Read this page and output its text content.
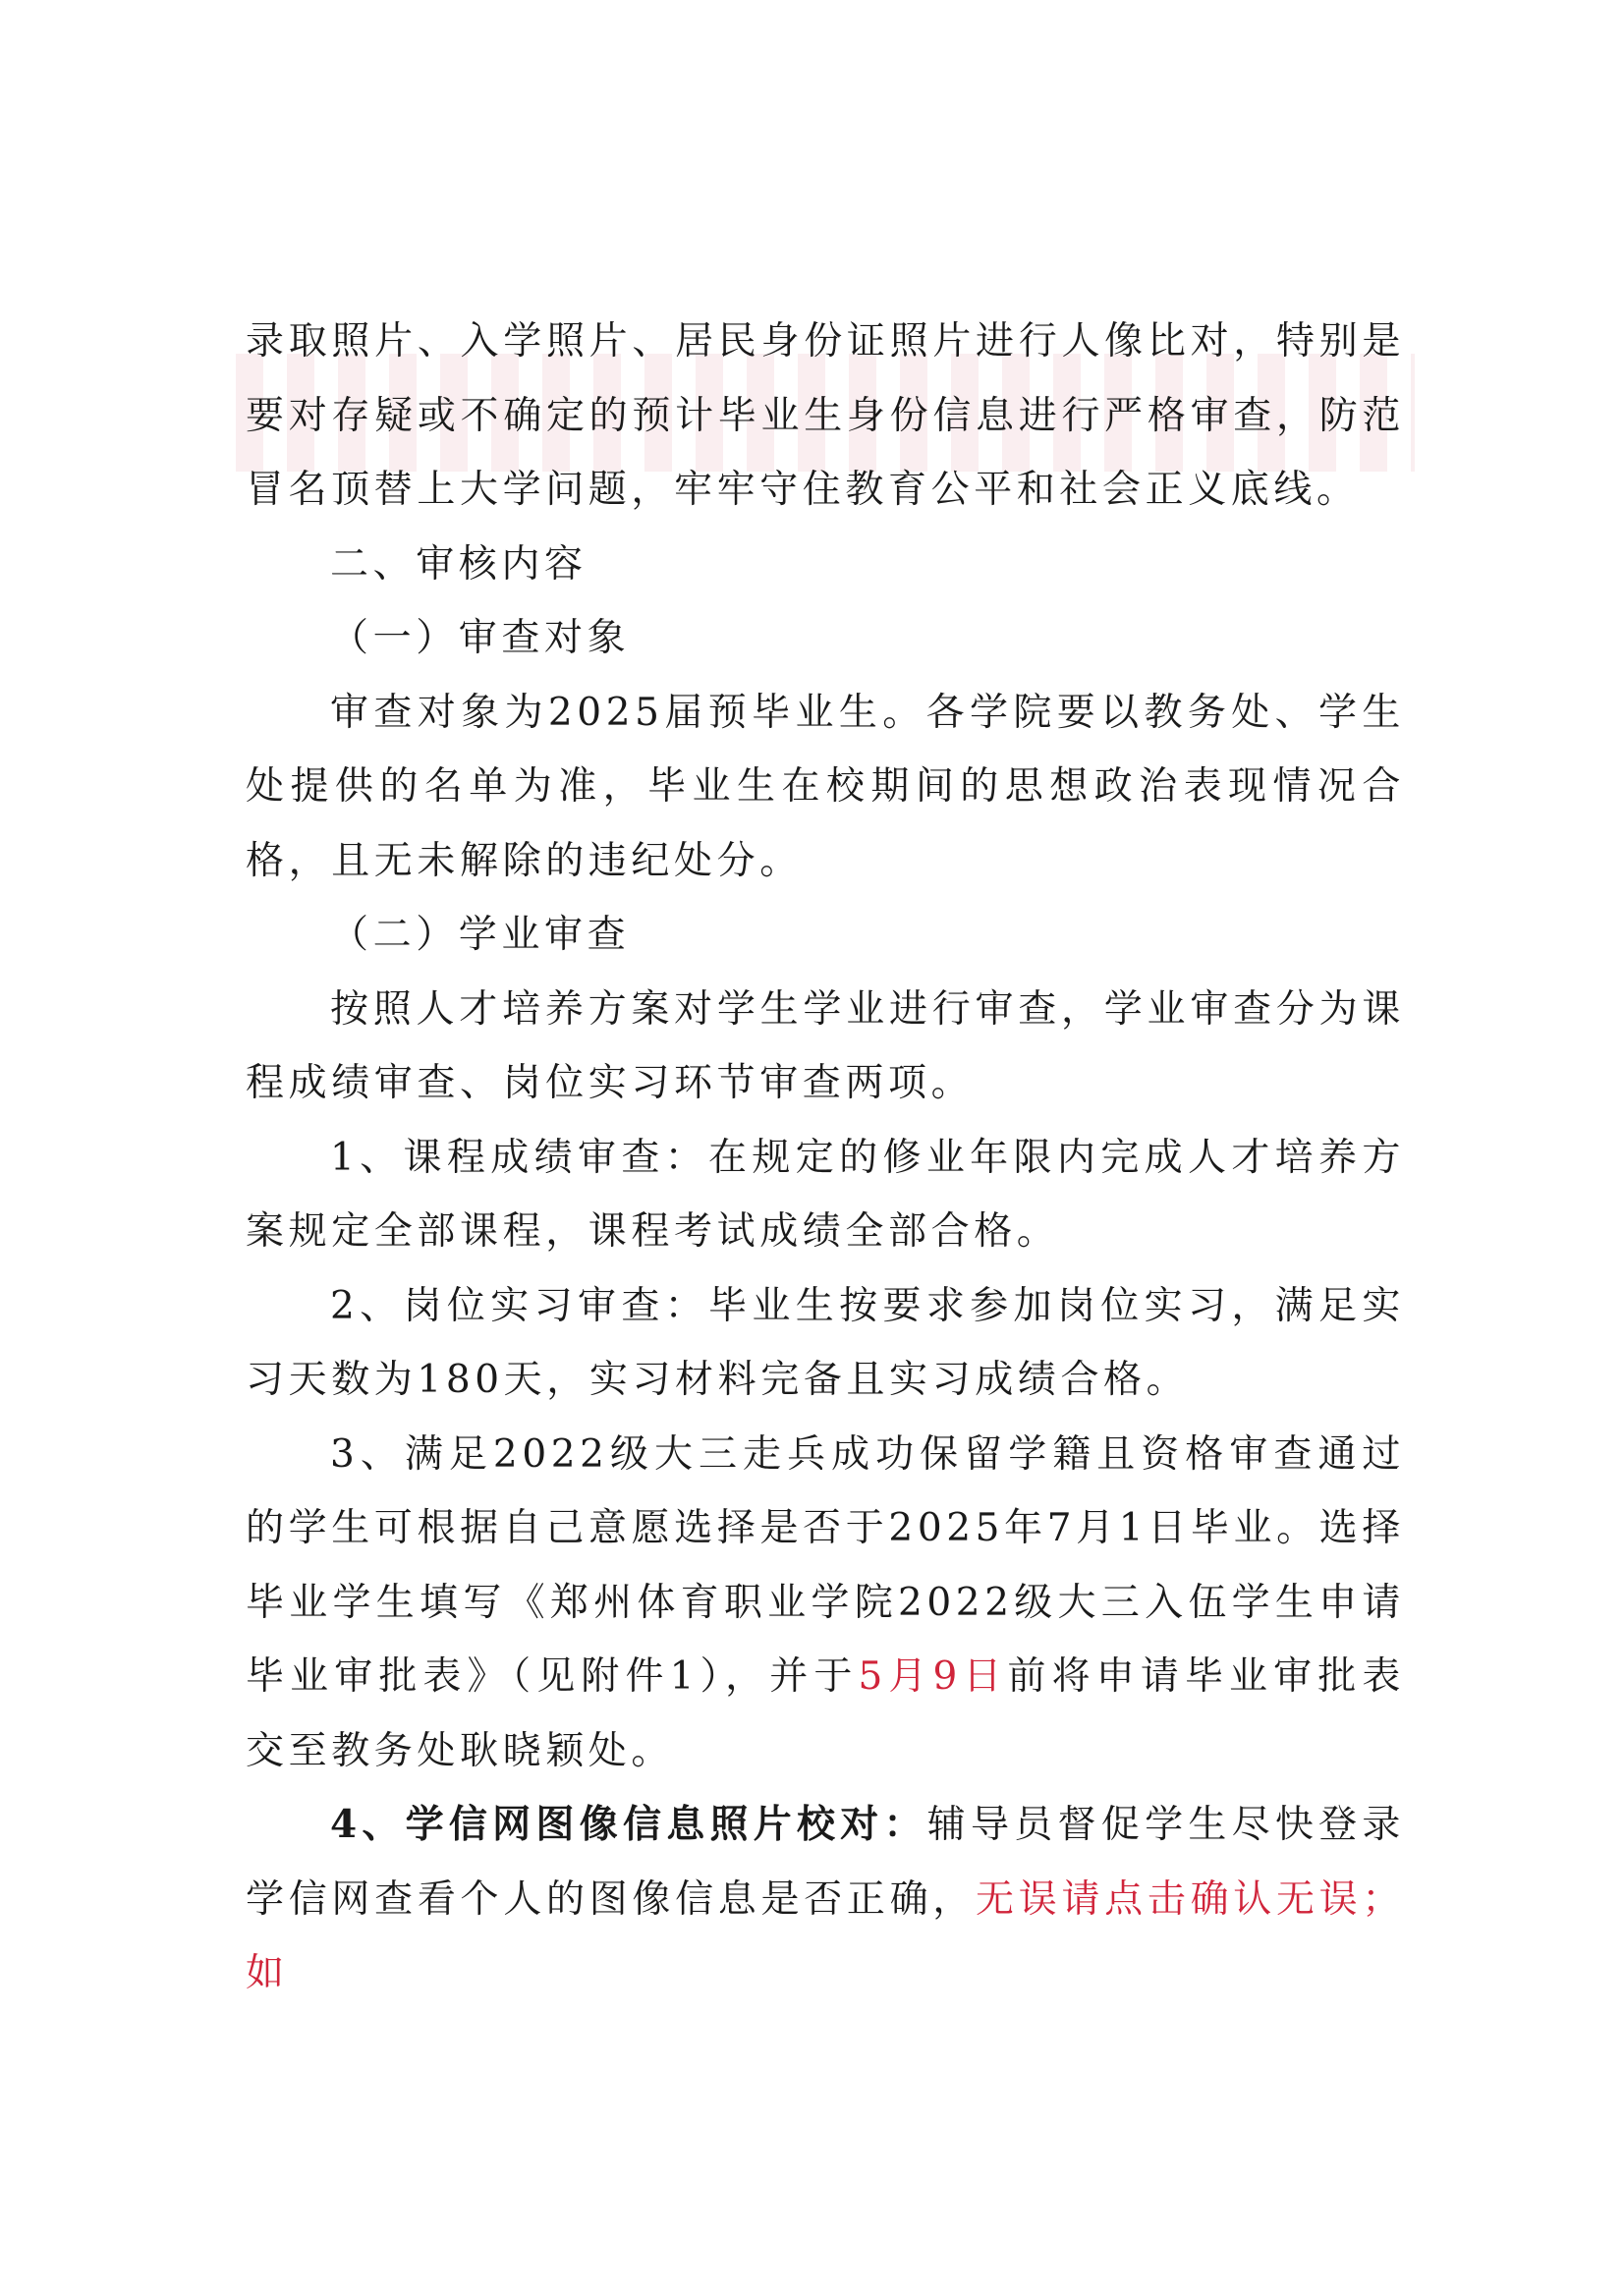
录取照片、入学照片、居民身份证照片进行人像比对，特别是要对存疑或不确定的预计毕业生身份信息进行严格审查，防范冒名顶替上大学问题，牢牢守住教育公平和社会正义底线。

二、审核内容

（一）审查对象

审查对象为2025届预毕业生。各学院要以教务处、学生处提供的名单为准，毕业生在校期间的思想政治表现情况合格，且无未解除的违纪处分。

（二）学业审查

按照人才培养方案对学生学业进行审查，学业审查分为课程成绩审查、岗位实习环节审查两项。

1、课程成绩审查：在规定的修业年限内完成人才培养方案规定全部课程，课程考试成绩全部合格。

2、岗位实习审查：毕业生按要求参加岗位实习，满足实习天数为180天，实习材料完备且实习成绩合格。

3、满足2022级大三走兵成功保留学籍且资格审查通过的学生可根据自己意愿选择是否于2025年7月1日毕业。选择毕业学生填写《郑州体育职业学院2022级大三入伍学生申请毕业审批表》（见附件1），并于5月9日前将申请毕业审批表交至教务处耿晓颖处。

4、学信网图像信息照片校对：辅导员督促学生尽快登录学信网查看个人的图像信息是否正确，无误请点击确认无误；如
